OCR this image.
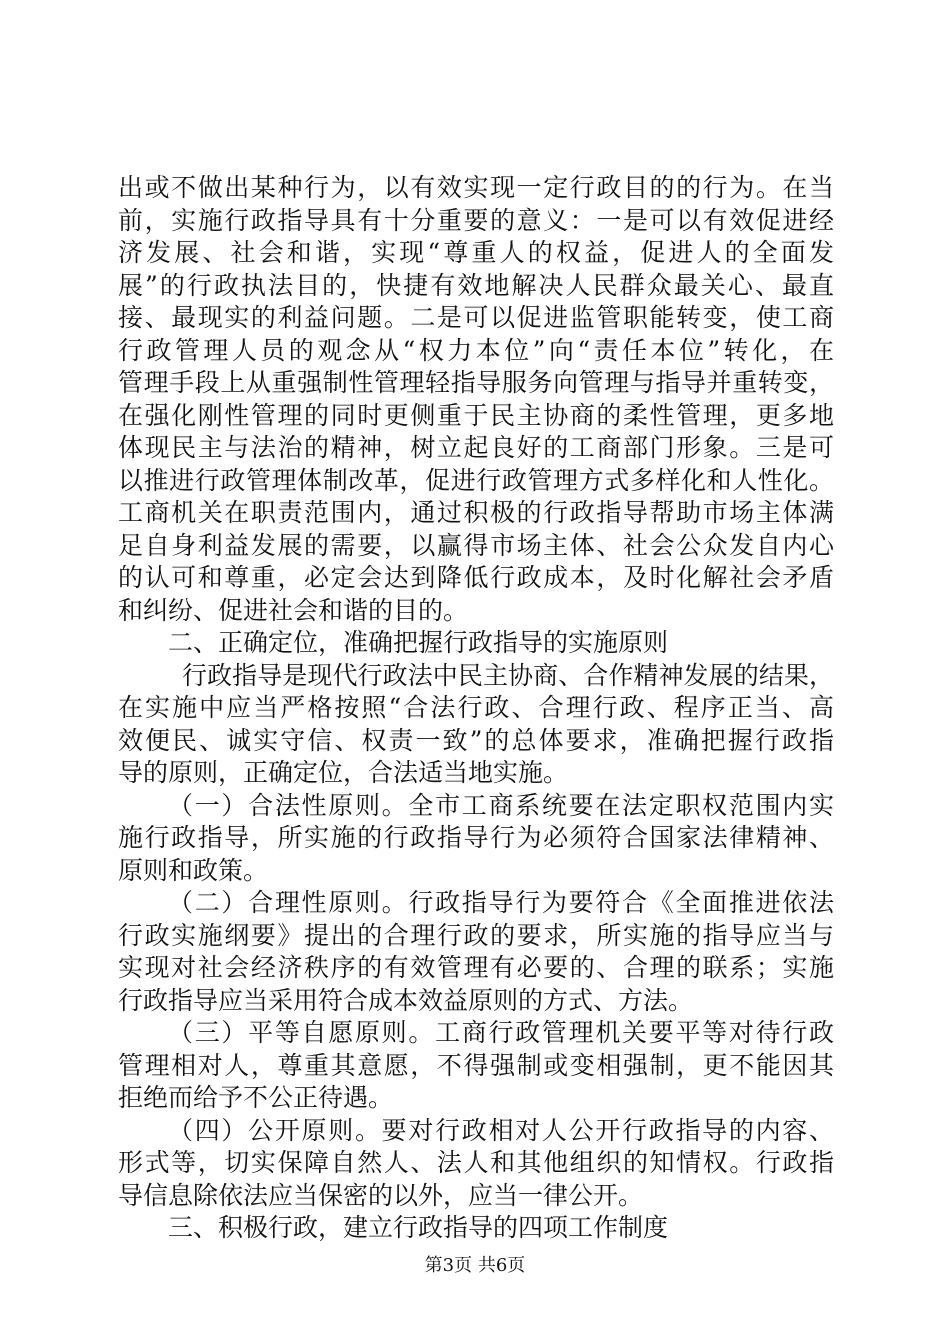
出或不做出某种行为，以有效实现一定行政目的的行为。在当
前，实施行政指导具有十分重要的意义：一是可以有效促进经
济发展、社会和谐，实现“尊重人的权益，促进人的全面发
展”的行政执法目的，快捷有效地解决人民群众最关心、最直
接、最现实的利益问题。二是可以促进监管职能转变，使工商
行政管理人员的观念从“权力本位”向“责任本位”转化，在
管理手段上从重强制性管理轻指导服务向管理与指导并重转变，
在强化刚性管理的同时更侧重于民主协商的柔性管理，更多地
体现民主与法治的精神，树立起良好的工商部门形象。三是可
以推进行政管理体制改革，促进行政管理方式多样化和人性化。
工商机关在职责范围内，通过积极的行政指导帮助市场主体满
足自身利益发展的需要，以赢得市场主体、社会公众发自内心
的认可和尊重，必定会达到降低行政成本，及时化解社会矛盾
和纠纷、促进社会和谐的目的。
二、正确定位，准确把握行政指导的实施原则
行政指导是现代行政法中民主协商、合作精神发展的结果，
在实施中应当严格按照“合法行政、合理行政、程序正当、高
效便民、诚实守信、权责一致”的总体要求，准确把握行政指
导的原则，正确定位，合法适当地实施。
（一）合法性原则。全市工商系统要在法定职权范围内实
施行政指导，所实施的行政指导行为必须符合国家法律精神、
原则和政策。
（二）合理性原则。行政指导行为要符合《全面推进依法
行政实施纲要》提出的合理行政的要求，所实施的指导应当与
实现对社会经济秩序的有效管理有必要的、合理的联系；实施
行政指导应当采用符合成本效益原则的方式、方法。
（三）平等自愿原则。工商行政管理机关要平等对待行政
管理相对人，尊重其意愿，不得强制或变相强制，更不能因其
拒绝而给予不公正待遇。
（四）公开原则。要对行政相对人公开行政指导的内容、
形式等，切实保障自然人、法人和其他组织的知情权。行政指
导信息除依法应当保密的以外，应当一律公开。
三、积极行政，建立行政指导的四项工作制度
第3页 共6页
